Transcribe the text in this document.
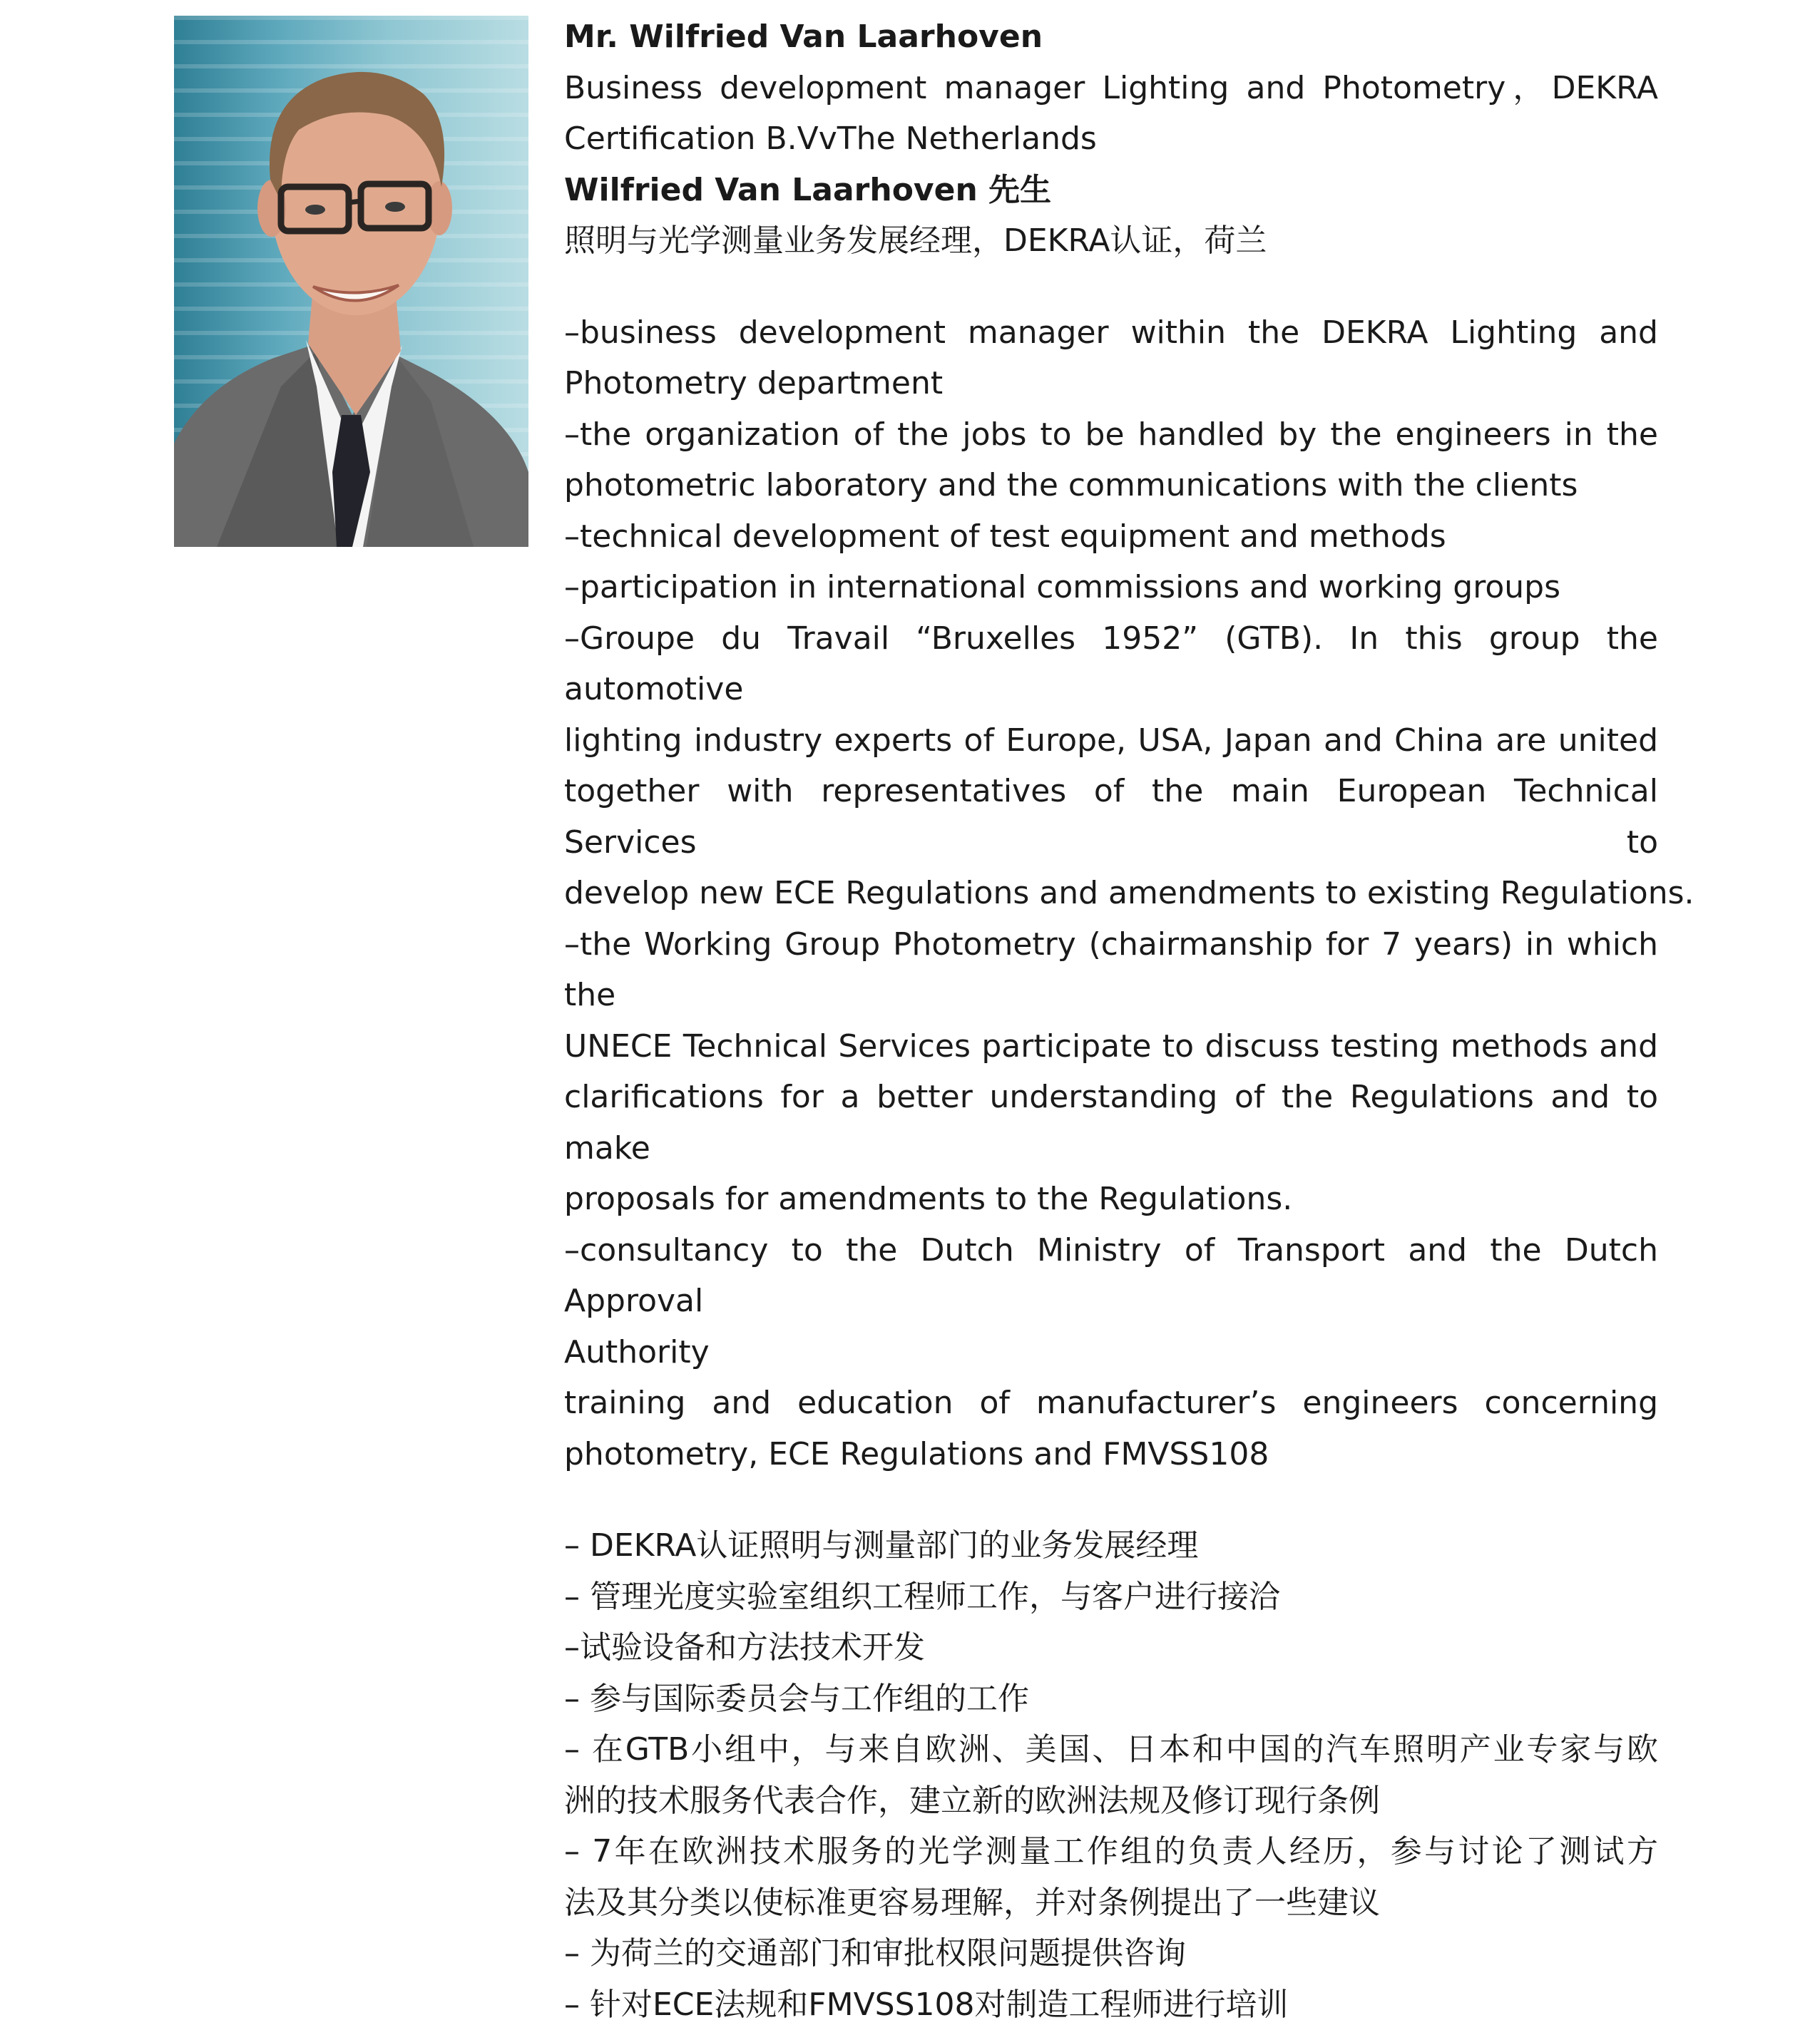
Mr. Wilfried Van Laarhoven
Business development manager Lighting and Photometry，DEKRA
Certification B.VvThe Netherlands
Wilfried Van Laarhoven 先生
照明与光学测量业务发展经理，DEKRA认证，荷兰
–business development manager within the DEKRA Lighting and
Photometry department
–the organization of the jobs to be handled by the engineers in the
photometric laboratory and the communications with the clients
–technical development of test equipment and methods
–participation in international commissions and working groups
–Groupe du Travail “Bruxelles 1952” (GTB). In this group the automotive
lighting industry experts of Europe, USA, Japan and China are united
together with representatives of the main European Technical Services to
develop new ECE Regulations and amendments to existing Regulations.
–the Working Group Photometry (chairmanship for 7 years) in which the
UNECE Technical Services participate to discuss testing methods and
clarifications for a better understanding of the Regulations and to make
proposals for amendments to the Regulations.
–consultancy to the Dutch Ministry of Transport and the Dutch Approval
Authority
training and education of manufacturer’s engineers concerning
photometry, ECE Regulations and FMVSS108
– DEKRA认证照明与测量部门的业务发展经理
– 管理光度实验室组织工程师工作，与客户进行接洽
–试验设备和方法技术开发
– 参与国际委员会与工作组的工作
– 在GTB小组中，与来自欧洲、美国、日本和中国的汽车照明产业专家与欧
洲的技术服务代表合作，建立新的欧洲法规及修订现行条例
– 7年在欧洲技术服务的光学测量工作组的负责人经历，参与讨论了测试方
法及其分类以使标准更容易理解，并对条例提出了一些建议
– 为荷兰的交通部门和审批权限问题提供咨询
– 针对ECE法规和FMVSS108对制造工程师进行培训
